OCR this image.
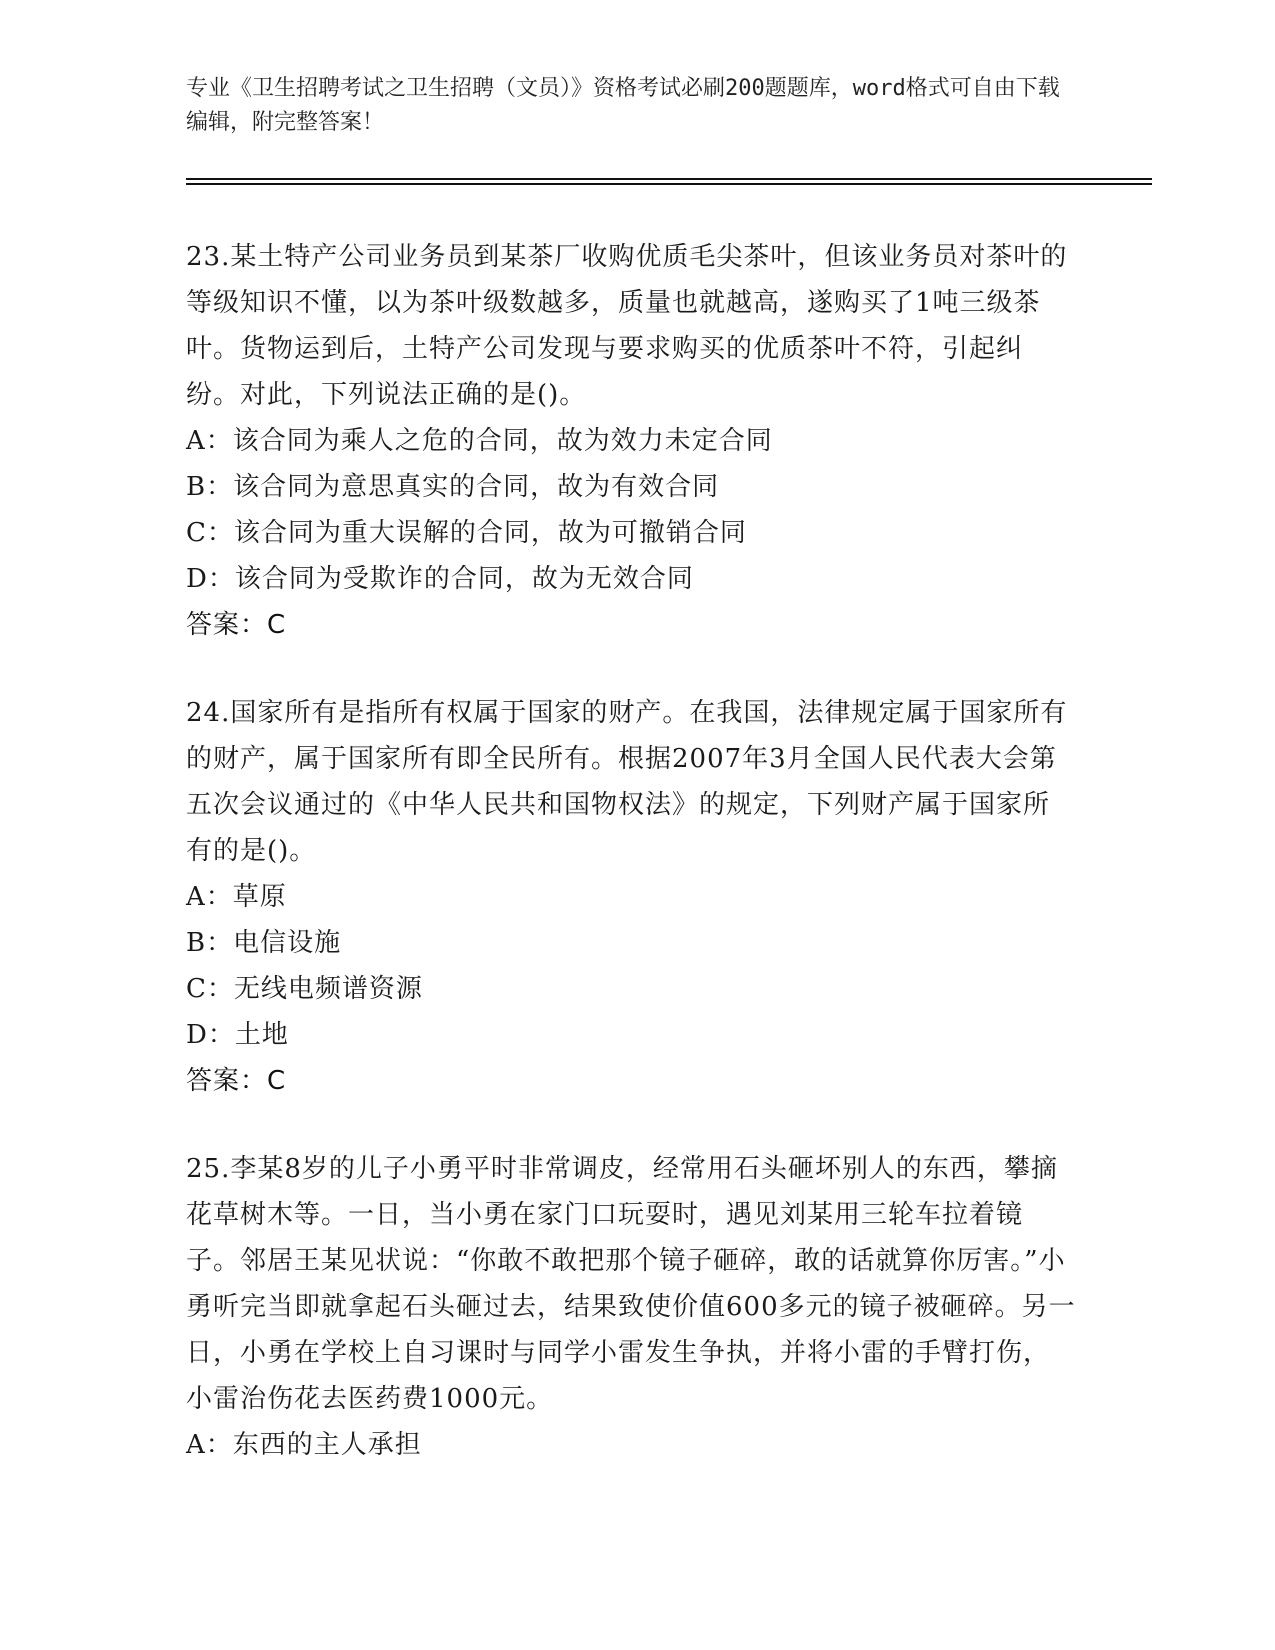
专业《卫生招聘考试之卫生招聘（文员）》资格考试必刷200题题库，word格式可自由下载编辑，附完整答案！

23.某土特产公司业务员到某茶厂收购优质毛尖茶叶，但该业务员对茶叶的等级知识不懂，以为茶叶级数越多，质量也就越高，遂购买了1吨三级茶叶。货物运到后，土特产公司发现与要求购买的优质茶叶不符，引起纠纷。对此，下列说法正确的是()。

A：该合同为乘人之危的合同，故为效力未定合同
B：该合同为意思真实的合同，故为有效合同
C：该合同为重大误解的合同，故为可撤销合同
D：该合同为受欺诈的合同，故为无效合同
答案：C

24.国家所有是指所有权属于国家的财产。在我国，法律规定属于国家所有的财产，属于国家所有即全民所有。根据2007年3月全国人民代表大会第五次会议通过的《中华人民共和国物权法》的规定，下列财产属于国家所有的是()。

A：草原
B：电信设施
C：无线电频谱资源
D：土地
答案：C

25.李某8岁的儿子小勇平时非常调皮，经常用石头砸坏别人的东西，攀摘花草树木等。一日，当小勇在家门口玩耍时，遇见刘某用三轮车拉着镜子。邻居王某见状说：“你敢不敢把那个镜子砸碎，敢的话就算你厉害。”小勇听完当即就拿起石头砸过去，结果致使价值600多元的镜子被砸碎。另一日，小勇在学校上自习课时与同学小雷发生争执，并将小雷的手臂打伤，小雷治伤花去医药费1000元。

A：东西的主人承担
